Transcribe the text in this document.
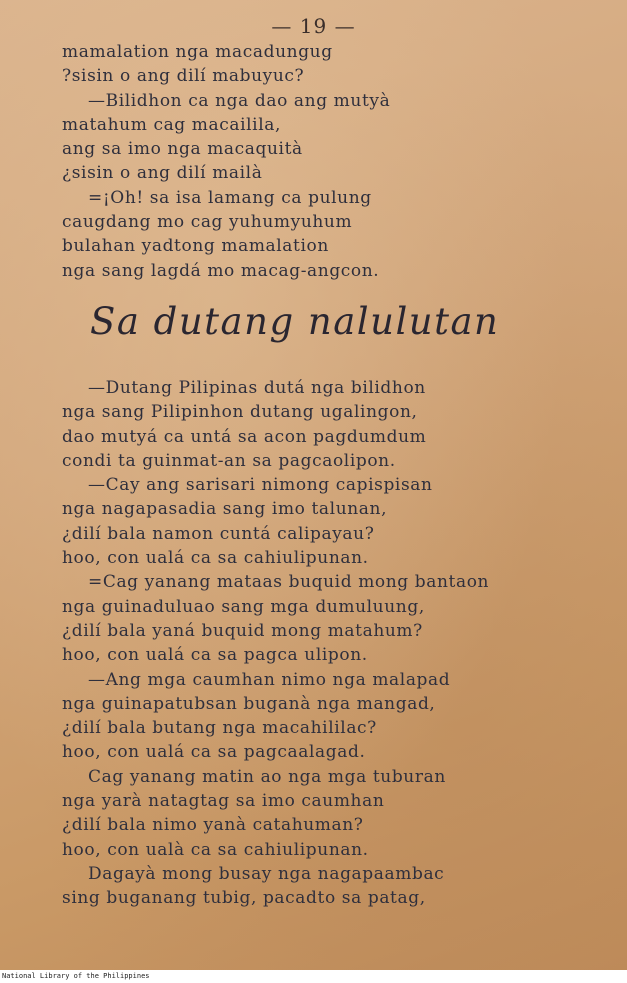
— 19 —
mamalation nga macadungug
?sisin o ang dilí mabuyuc?
—Bilidhon ca nga dao ang mutyà
matahum cag macailila,
ang sa imo nga macaquità
¿sisin o ang dilí mailà
=¡Oh! sa isa lamang ca pulung
caugdang mo cag yuhumyuhum
bulahan yadtong mamalation
nga sang lagdá mo macag-angcon.
Sa dutang nalulutan
—Dutang Pilipinas dutá nga bilidhon
nga sang Pilipinhon dutang ugalingon,
dao mutyá ca untá sa acon pagdumdum
condi ta guinmat-an sa pagcaolipon.
—Cay ang sarisari nimong capispisan
nga nagapasadia sang imo talunan,
¿dilí bala namon cuntá calipayau?
hoo, con ualá ca sa cahiulipunan.
=Cag yanang mataas buquid mong bantaon
nga guinaduluao sang mga dumuluung,
¿dilí bala yaná buquid mong matahum?
hoo, con ualá ca sa pagca ulipon.
—Ang mga caumhan nimo nga malapad
nga guinapatubsan buganà nga mangad,
¿dilí bala butang nga macahililac?
hoo, con ualá ca sa pagcaalagad.
Cag yanang matin ao nga mga tuburan
nga yarà natagtag sa imo caumhan
¿dilí bala nimo yanà catahuman?
hoo, con ualà ca sa cahiulipunan.
Dagayà mong busay nga nagapaambac
sing buganang tubig, pacadto sa patag,
National Library of the Philippines
